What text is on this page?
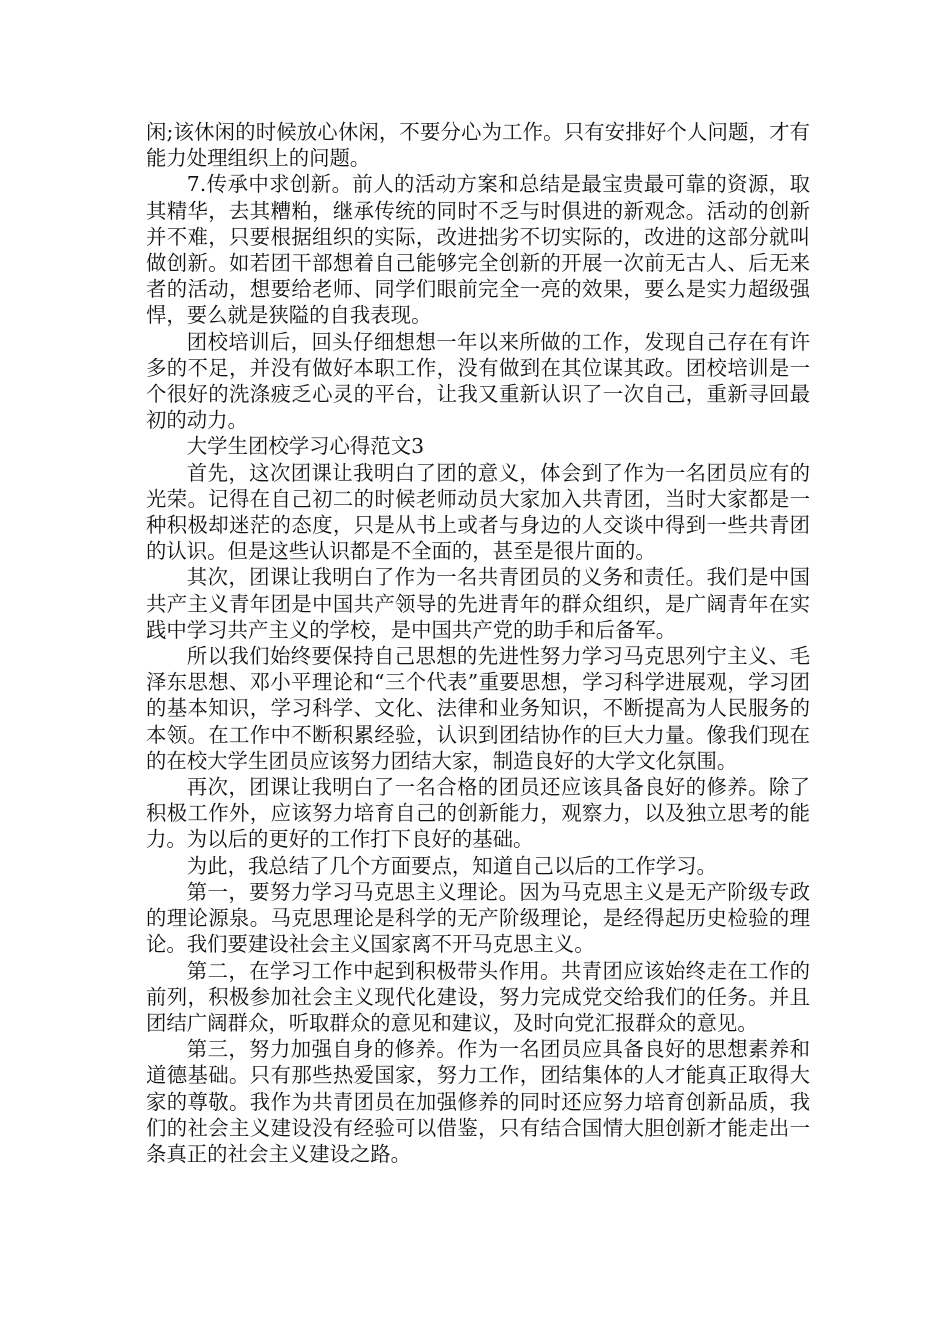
闲;该休闲的时候放心休闲，不要分心为工作。只有安排好个人问题，才有能力处理组织上的问题。

7.传承中求创新。前人的活动方案和总结是最宝贵最可靠的资源，取其精华，去其糟粕，继承传统的同时不乏与时俱进的新观念。活动的创新并不难，只要根据组织的实际，改进拙劣不切实际的，改进的这部分就叫做创新。如若团干部想着自己能够完全创新的开展一次前无古人、后无来者的活动，想要给老师、同学们眼前完全一亮的效果，要么是实力超级强悍，要么就是狭隘的自我表现。

团校培训后，回头仔细想想一年以来所做的工作，发现自己存在有许多的不足，并没有做好本职工作，没有做到在其位谋其政。团校培训是一个很好的洗涤疲乏心灵的平台，让我又重新认识了一次自己，重新寻回最初的动力。

大学生团校学习心得范文3

首先，这次团课让我明白了团的意义，体会到了作为一名团员应有的光荣。记得在自己初二的时候老师动员大家加入共青团，当时大家都是一种积极却迷茫的态度，只是从书上或者与身边的人交谈中得到一些共青团的认识。但是这些认识都是不全面的，甚至是很片面的。

其次，团课让我明白了作为一名共青团员的义务和责任。我们是中国共产主义青年团是中国共产领导的先进青年的群众组织，是广阔青年在实践中学习共产主义的学校，是中国共产党的助手和后备军。

所以我们始终要保持自己思想的先进性努力学习马克思列宁主义、毛泽东思想、邓小平理论和“三个代表”重要思想，学习科学进展观，学习团的基本知识，学习科学、文化、法律和业务知识，不断提高为人民服务的本领。在工作中不断积累经验，认识到团结协作的巨大力量。像我们现在的在校大学生团员应该努力团结大家，制造良好的大学文化氛围。

再次，团课让我明白了一名合格的团员还应该具备良好的修养。除了积极工作外，应该努力培育自己的创新能力，观察力，以及独立思考的能力。为以后的更好的工作打下良好的基础。

为此，我总结了几个方面要点，知道自己以后的工作学习。

第一，要努力学习马克思主义理论。因为马克思主义是无产阶级专政的理论源泉。马克思理论是科学的无产阶级理论，是经得起历史检验的理论。我们要建设社会主义国家离不开马克思主义。

第二，在学习工作中起到积极带头作用。共青团应该始终走在工作的前列，积极参加社会主义现代化建设，努力完成党交给我们的任务。并且团结广阔群众，听取群众的意见和建议，及时向党汇报群众的意见。

第三，努力加强自身的修养。作为一名团员应具备良好的思想素养和道德基础。只有那些热爱国家，努力工作，团结集体的人才能真正取得大家的尊敬。我作为共青团员在加强修养的同时还应努力培育创新品质，我们的社会主义建设没有经验可以借鉴，只有结合国情大胆创新才能走出一条真正的社会主义建设之路。
